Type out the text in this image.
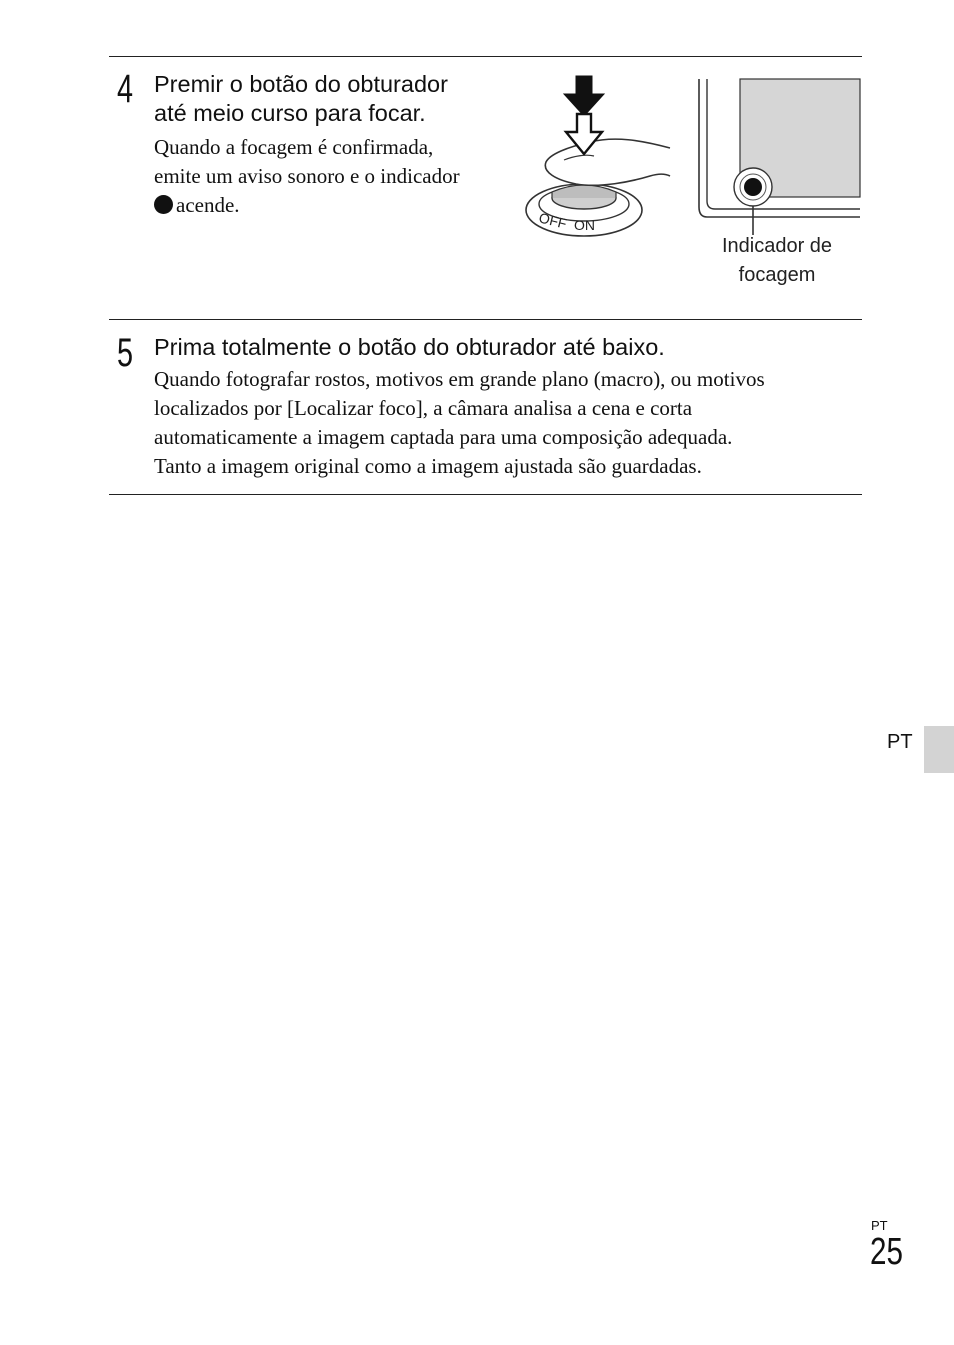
4 Premir o botão do obturador
até meio curso para focar.
Quando a focagem é confirmada,
emite um aviso sonoro e o indicador
acende.
OFF ON
Indicador de
focagem
5 Prima totalmente o botão do obturador até baixo.
Quando fotografar rostos, motivos em grande plano (macro), ou motivos
localizados por [Localizar foco], a câmara analisa a cena e corta
automaticamente a imagem captada para uma composição adequada.
Tanto a imagem original como a imagem ajustada são guardadas.
PT
PT
25
